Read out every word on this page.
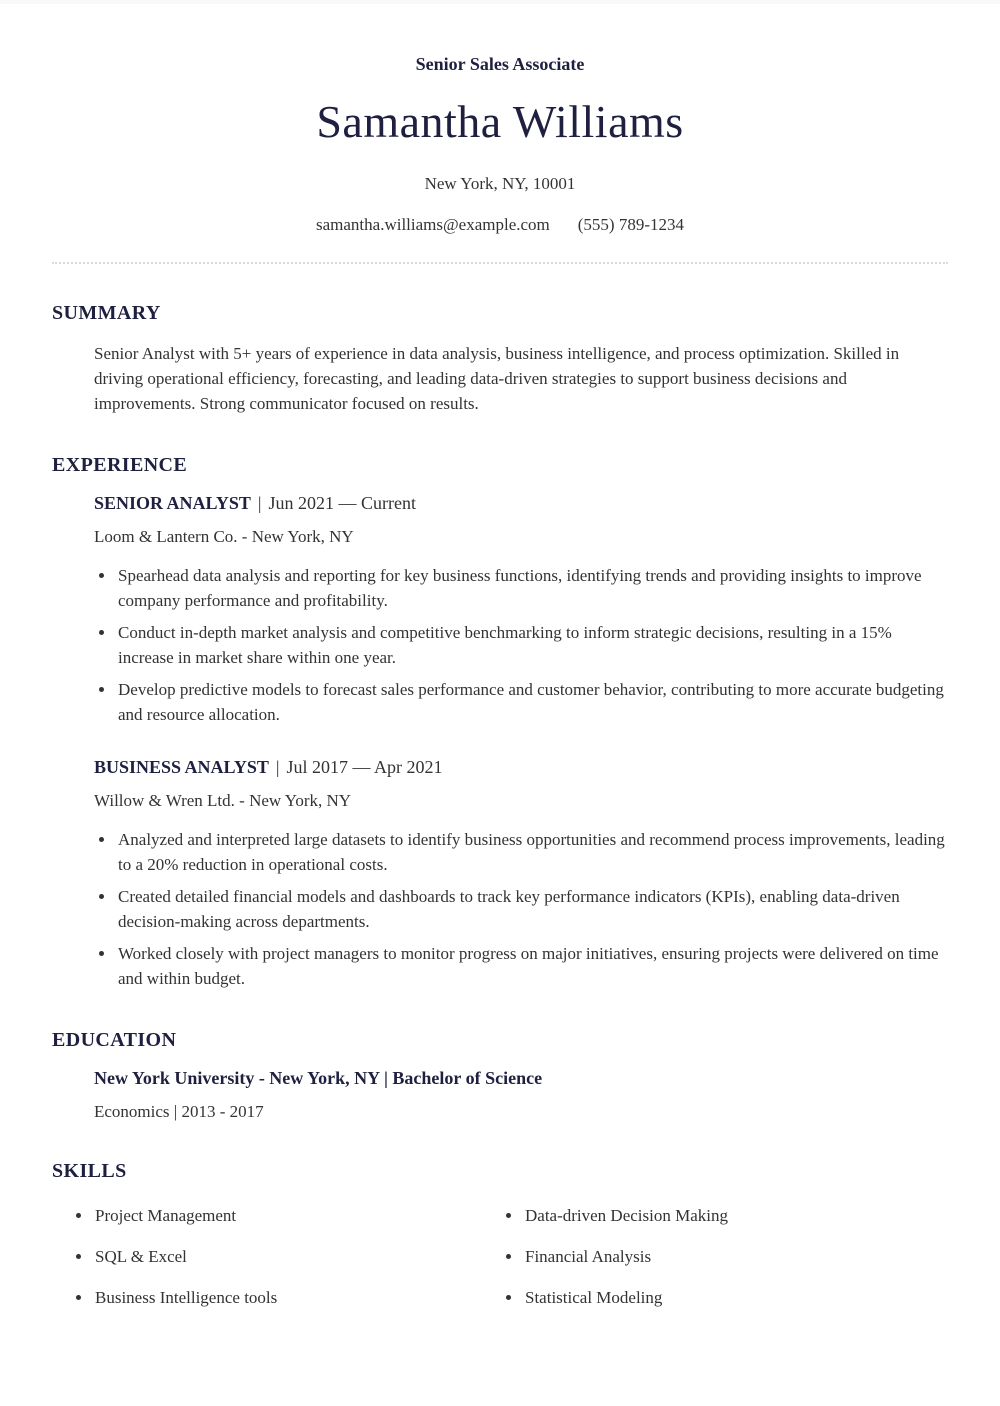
Senior Sales Associate
Samantha Williams
New York, NY, 10001
samantha.williams@example.com (555) 789-1234
SUMMARY

Senior Analyst with 5+ years of experience in data analysis, business intelligence, and process optimization. Skilled in driving operational efficiency, forecasting, and leading data-driven strategies to support business decisions and improvements. Strong communicator focused on results.

EXPERIENCE
SENIOR ANALYST | Jun 2021 — Current
Loom & Lantern Co. - New York, NY
• Spearhead data analysis and reporting for key business functions, identifying trends and providing insights to improve company performance and profitability.
• Conduct in-depth market analysis and competitive benchmarking to inform strategic decisions, resulting in a 15% increase in market share within one year.
• Develop predictive models to forecast sales performance and customer behavior, contributing to more accurate budgeting and resource allocation.
BUSINESS ANALYST | Jul 2017 — Apr 2021
Willow & Wren Ltd. - New York, NY
• Analyzed and interpreted large datasets to identify business opportunities and recommend process improvements, leading to a 20% reduction in operational costs.
• Created detailed financial models and dashboards to track key performance indicators (KPIs), enabling data-driven decision-making across departments.
• Worked closely with project managers to monitor progress on major initiatives, ensuring projects were delivered on time and within budget.
EDUCATION
New York University - New York, NY | Bachelor of Science
Economics | 2013 - 2017
SKILLS
• Project Management
• SQL & Excel
• Business Intelligence tools
• Data-driven Decision Making
• Financial Analysis
• Statistical Modeling
